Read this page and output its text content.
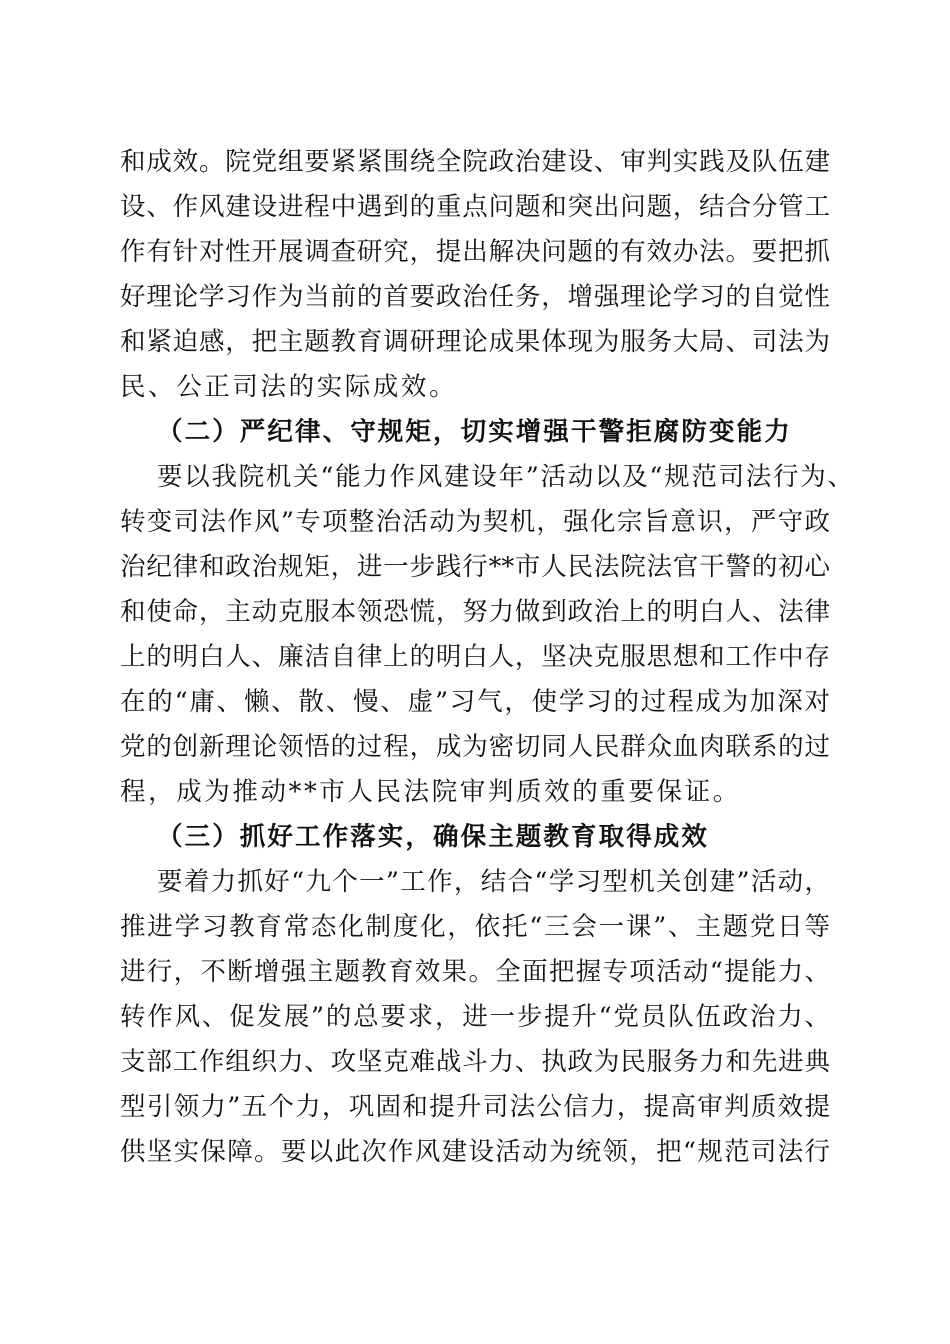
和成效。院党组要紧紧围绕全院政治建设、审判实践及队伍建
设、作风建设进程中遇到的重点问题和突出问题，结合分管工
作有针对性开展调查研究，提出解决问题的有效办法。要把抓
好理论学习作为当前的首要政治任务，增强理论学习的自觉性
和紧迫感，把主题教育调研理论成果体现为服务大局、司法为
民、公正司法的实际成效。
（二）严纪律、守规矩，切实增强干警拒腐防变能力
要以我院机关“能力作风建设年”活动以及“规范司法行为、
转变司法作风”专项整治活动为契机，强化宗旨意识，严守政
治纪律和政治规矩，进一步践行**市人民法院法官干警的初心
和使命，主动克服本领恐慌，努力做到政治上的明白人、法律
上的明白人、廉洁自律上的明白人，坚决克服思想和工作中存
在的“庸、懒、散、慢、虚”习气，使学习的过程成为加深对
党的创新理论领悟的过程，成为密切同人民群众血肉联系的过
程，成为推动**市人民法院审判质效的重要保证。
（三）抓好工作落实，确保主题教育取得成效
要着力抓好“九个一”工作，结合“学习型机关创建”活动，
推进学习教育常态化制度化，依托“三会一课”、主题党日等
进行，不断增强主题教育效果。全面把握专项活动“提能力、
转作风、促发展”的总要求，进一步提升“党员队伍政治力、
支部工作组织力、攻坚克难战斗力、执政为民服务力和先进典
型引领力”五个力，巩固和提升司法公信力，提高审判质效提
供坚实保障。要以此次作风建设活动为统领，把“规范司法行
